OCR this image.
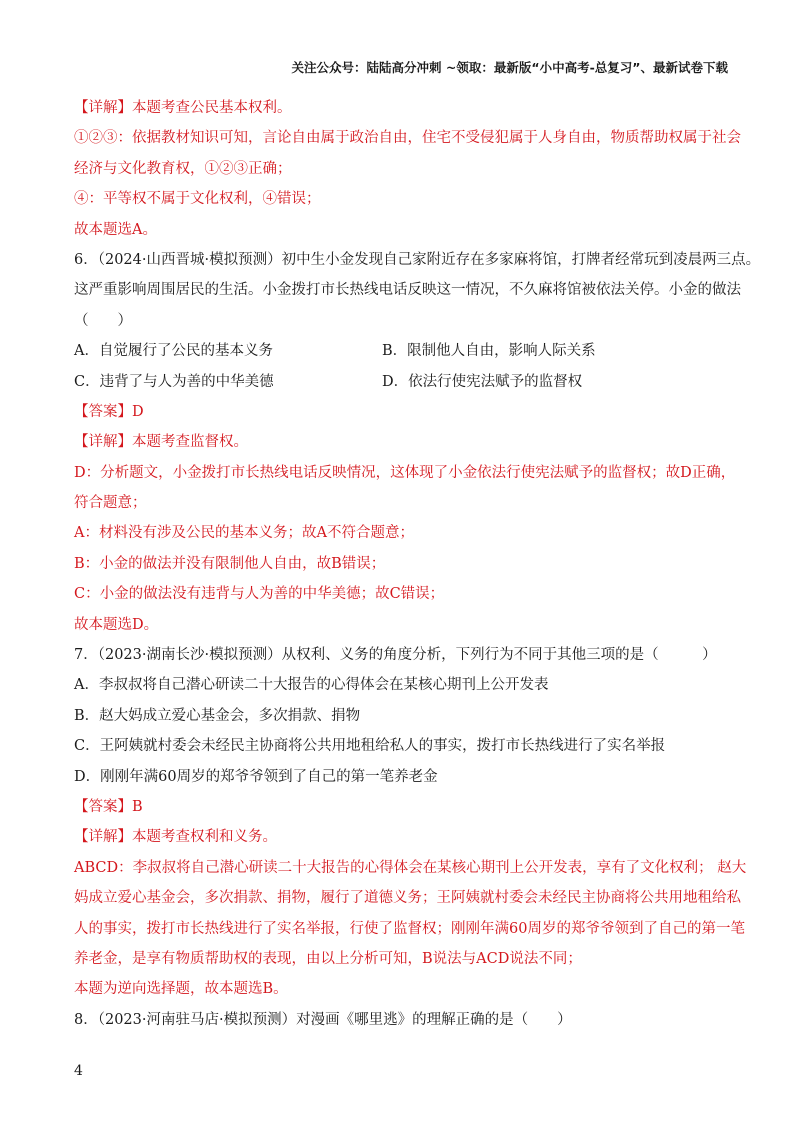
关注公众号：陆陆高分冲刺 ~领取：最新版“小中高考-总复习”、最新试卷下载
【详解】本题考查公民基本权利。
①②③：依据教材知识可知，言论自由属于政治自由，住宅不受侵犯属于人身自由，物质帮助权属于社会
经济与文化教育权，①②③正确；
④：平等权不属于文化权利，④错误；
故本题选A。
6．（2024·山西晋城·模拟预测）初中生小金发现自己家附近存在多家麻将馆，打牌者经常玩到凌晨两三点。
这严重影响周围居民的生活。小金拨打市长热线电话反映这一情况，不久麻将馆被依法关停。小金的做法
（　　）
A．自觉履行了公民的基本义务	B．限制他人自由，影响人际关系
C．违背了与人为善的中华美德	D．依法行使宪法赋予的监督权
【答案】D
【详解】本题考查监督权。
D：分析题文，小金拨打市长热线电话反映情况，这体现了小金依法行使宪法赋予的监督权；故D正确，
符合题意；
A：材料没有涉及公民的基本义务；故A不符合题意；
B：小金的做法并没有限制他人自由，故B错误；
C：小金的做法没有违背与人为善的中华美德；故C错误；
故本题选D。
7．（2023·湖南长沙·模拟预测）从权利、义务的角度分析，下列行为不同于其他三项的是（　　　）
A．李叔叔将自己潜心研读二十大报告的心得体会在某核心期刊上公开发表
B．赵大妈成立爱心基金会，多次捐款、捐物
C．王阿姨就村委会未经民主协商将公共用地租给私人的事实，拨打市长热线进行了实名举报
D．刚刚年满60周岁的郑爷爷领到了自己的第一笔养老金
【答案】B
【详解】本题考查权利和义务。
ABCD：李叔叔将自己潜心研读二十大报告的心得体会在某核心期刊上公开发表，享有了文化权利； 赵大
妈成立爱心基金会，多次捐款、捐物，履行了道德义务；王阿姨就村委会未经民主协商将公共用地租给私
人的事实，拨打市长热线进行了实名举报，行使了监督权；刚刚年满60周岁的郑爷爷领到了自己的第一笔
养老金，是享有物质帮助权的表现，由以上分析可知，B说法与ACD说法不同；
本题为逆向选择题，故本题选B。
8．（2023·河南驻马店·模拟预测）对漫画《哪里逃》的理解正确的是（　　）
4
